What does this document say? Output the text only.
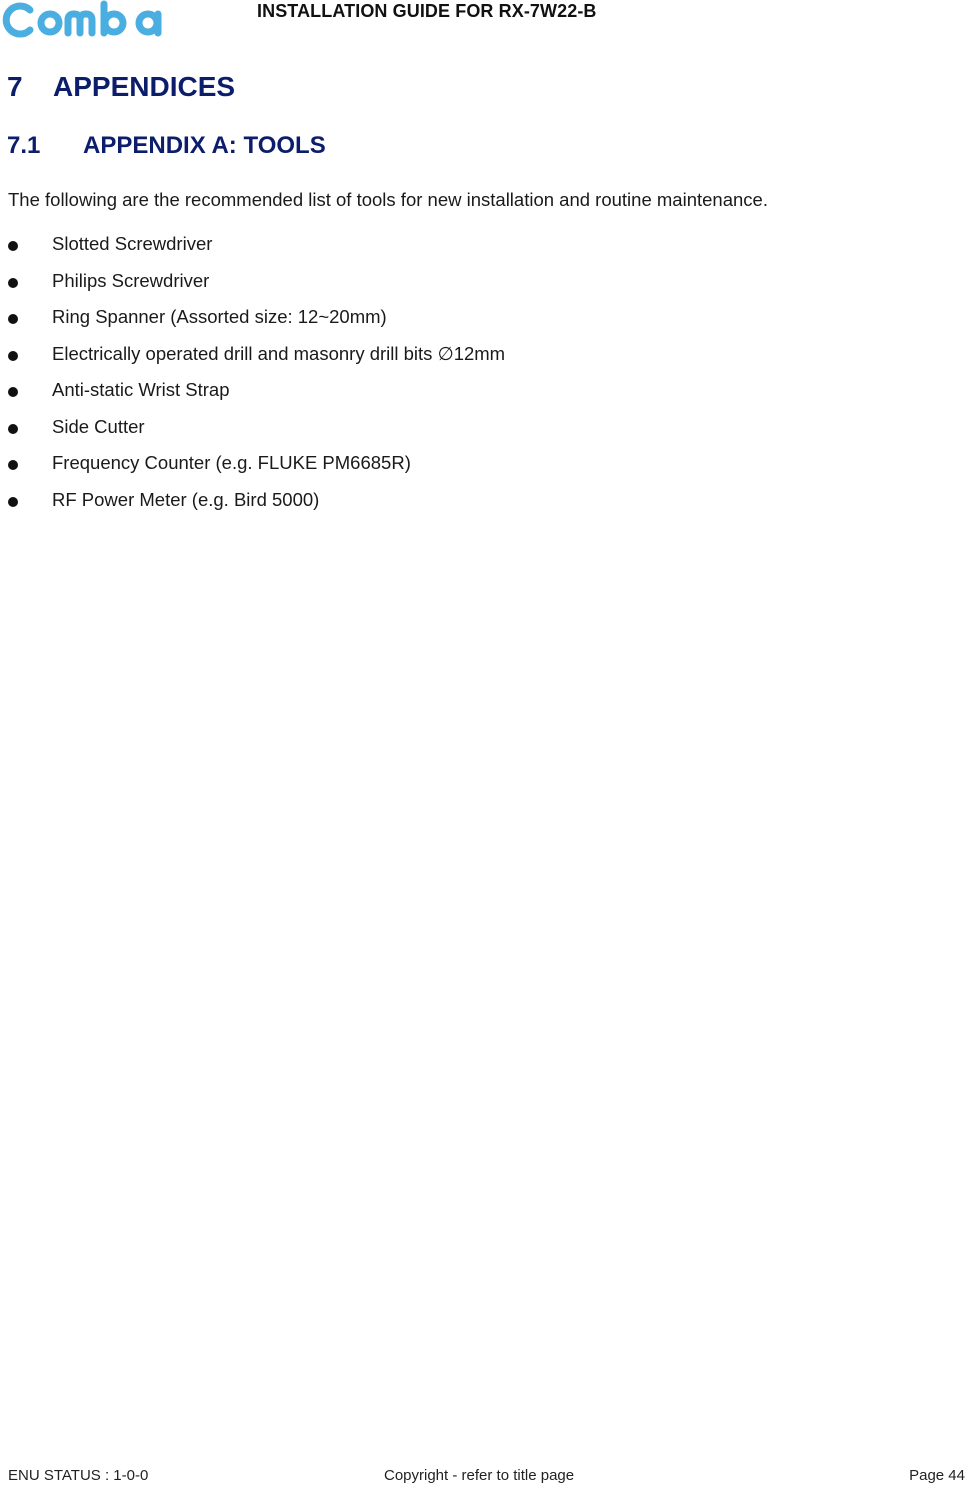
INSTALLATION GUIDE FOR RX-7W22-B
7 APPENDICES
7.1 APPENDIX A: TOOLS

The following are the recommended list of tools for new installation and routine maintenance.

Slotted Screwdriver
Philips Screwdriver
Ring Spanner (Assorted size: 12~20mm)
Electrically operated drill and masonry drill bits ∅12mm
Anti-static Wrist Strap
Side Cutter
Frequency Counter (e.g. FLUKE PM6685R)
RF Power Meter (e.g. Bird 5000)
ENU STATUS : 1-0-0	Copyright - refer to title page	Page 44
